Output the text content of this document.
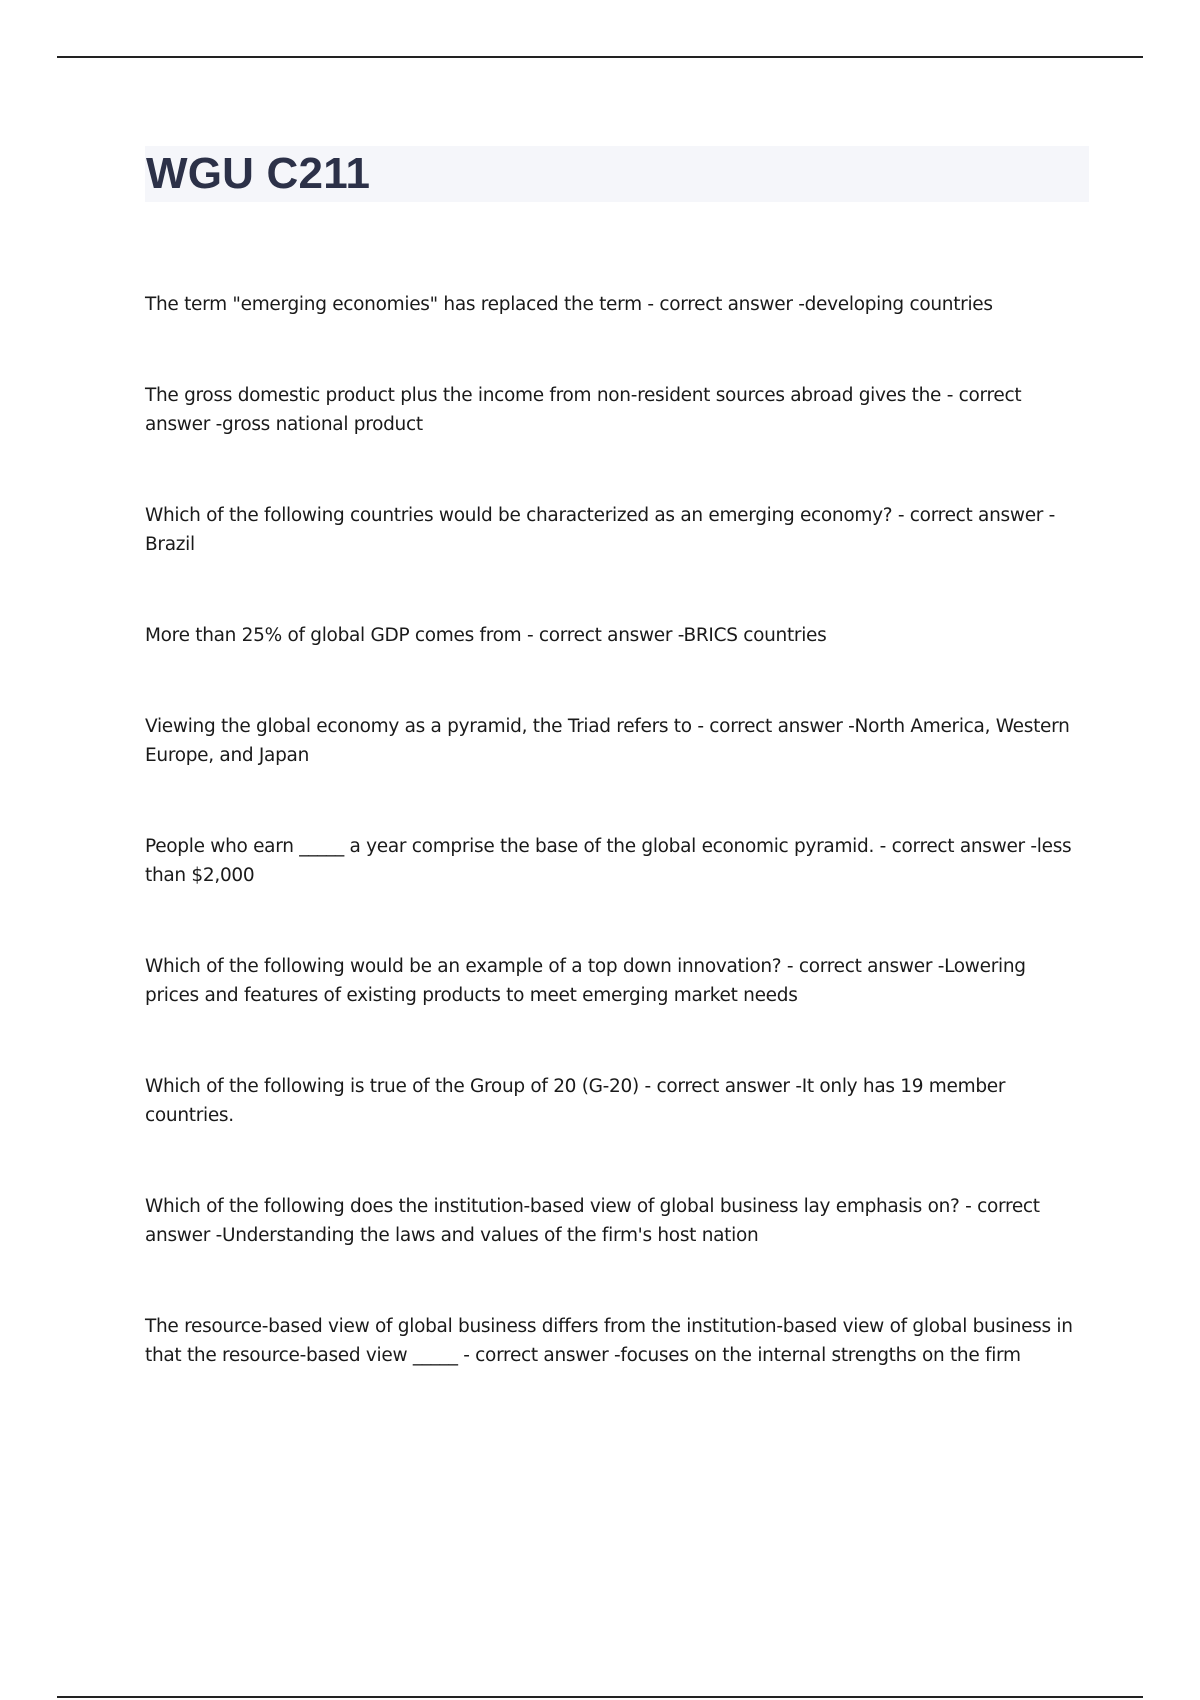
WGU C211

The term "emerging economies" has replaced the term - correct answer -developing countries

The gross domestic product plus the income from non-resident sources abroad gives the - correct answer -gross national product

Which of the following countries would be characterized as an emerging economy? - correct answer -Brazil

More than 25% of global GDP comes from - correct answer -BRICS countries

Viewing the global economy as a pyramid, the Triad refers to - correct answer -North America, Western Europe, and Japan

People who earn _____ a year comprise the base of the global economic pyramid. - correct answer -less than $2,000

Which of the following would be an example of a top down innovation? - correct answer -Lowering prices and features of existing products to meet emerging market needs

Which of the following is true of the Group of 20 (G-20) - correct answer -It only has 19 member countries.

Which of the following does the institution-based view of global business lay emphasis on? - correct answer -Understanding the laws and values of the firm's host nation

The resource-based view of global business differs from the institution-based view of global business in that the resource-based view _____ - correct answer -focuses on the internal strengths on the firm
